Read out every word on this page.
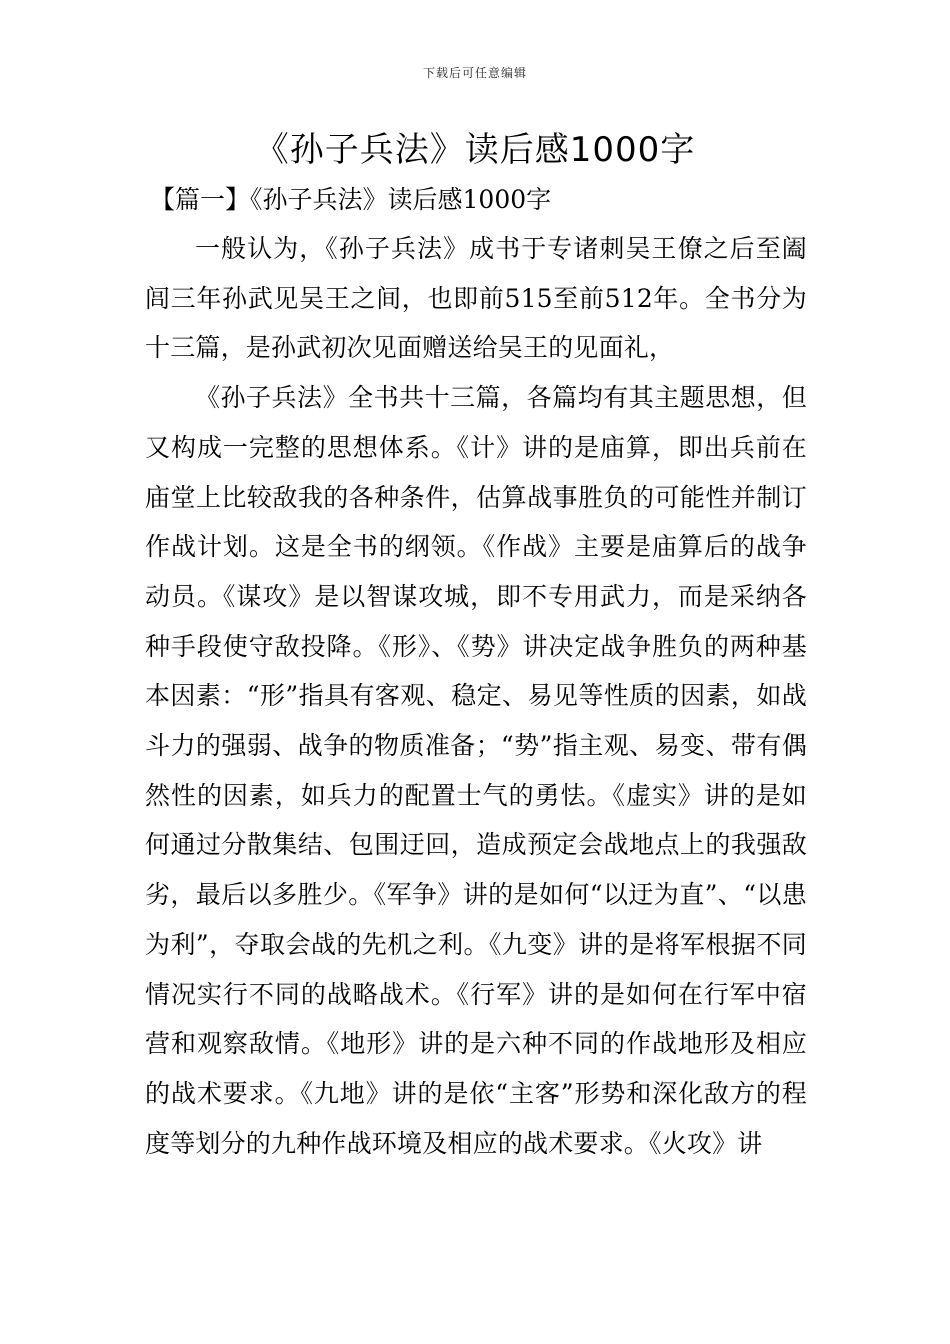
下载后可任意编辑
《孙子兵法》读后感1000字
【篇一】《孙子兵法》读后感1000字

一般认为，《孙子兵法》成书于专诸刺吴王僚之后至阖闾三年孙武见吴王之间，也即前515至前512年。全书分为十三篇，是孙武初次见面赠送给吴王的见面礼，

《孙子兵法》全书共十三篇，各篇均有其主题思想，但又构成一完整的思想体系。《计》讲的是庙算，即出兵前在庙堂上比较敌我的各种条件，估算战事胜负的可能性并制订作战计划。这是全书的纲领。《作战》主要是庙算后的战争动员。《谋攻》是以智谋攻城，即不专用武力，而是采纳各种手段使守敌投降。《形》、《势》讲决定战争胜负的两种基本因素：“形”指具有客观、稳定、易见等性质的因素，如战斗力的强弱、战争的物质准备；“势”指主观、易变、带有偶然性的因素，如兵力的配置士气的勇怯。《虚实》讲的是如何通过分散集结、包围迂回，造成预定会战地点上的我强敌劣，最后以多胜少。《军争》讲的是如何“以迂为直”、“以患为利”，夺取会战的先机之利。《九变》讲的是将军根据不同情况实行不同的战略战术。《行军》讲的是如何在行军中宿营和观察敌情。《地形》讲的是六种不同的作战地形及相应的战术要求。《九地》讲的是依“主客”形势和深化敌方的程度等划分的九种作战环境及相应的战术要求。《火攻》讲
